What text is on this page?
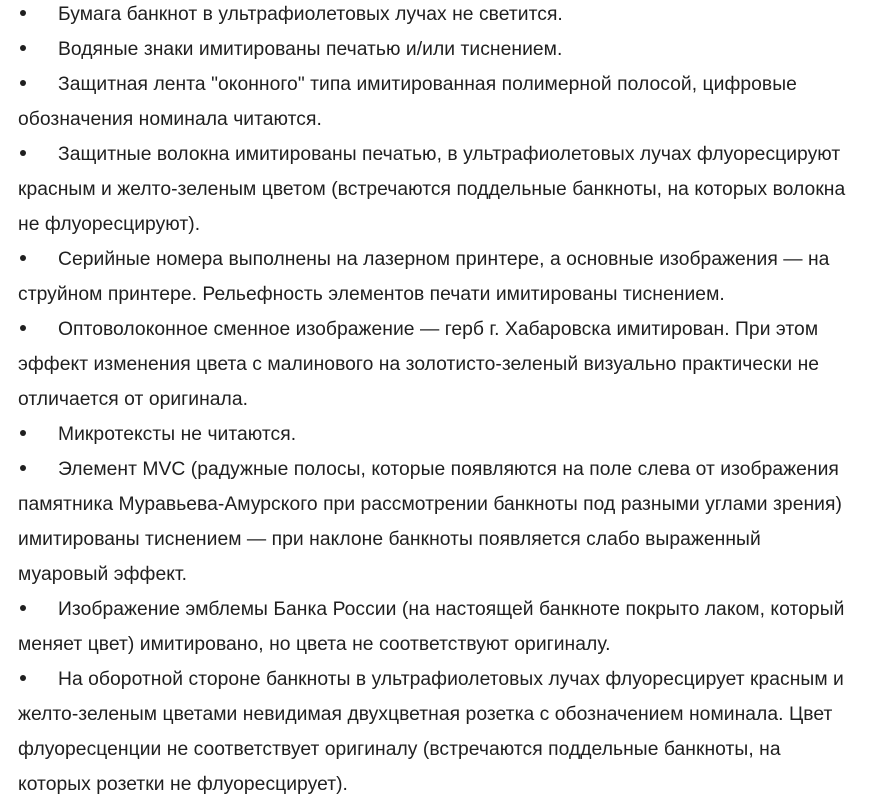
Бумага банкнот в ультрафиолетовых лучах не светится.

Водяные знаки имитированы печатью и/или тиснением.

Защитная лента "оконного" типа имитированная полимерной полосой, цифровые обозначения номинала читаются.

Защитные волокна имитированы печатью, в ультрафиолетовых лучах флуоресцируют красным и желто-зеленым цветом (встречаются поддельные банкноты, на которых волокна не флуоресцируют).

Серийные номера выполнены на лазерном принтере, а основные изображения — на струйном принтере. Рельефность элементов печати имитированы тиснением.

Оптоволоконное сменное изображение — герб г. Хабаровска имитирован. При этом эффект изменения цвета с малинового на золотисто-зеленый визуально практически не отличается от оригинала.

Микротексты не читаются.

Элемент MVC (радужные полосы, которые появляются на поле слева от изображения памятника Муравьева-Амурского при рассмотрении банкноты под разными углами зрения) имитированы тиснением — при наклоне банкноты появляется слабо выраженный муаровый эффект.

Изображение эмблемы Банка России (на настоящей банкноте покрыто лаком, который меняет цвет) имитировано, но цвета не соответствуют оригиналу.

На оборотной стороне банкноты в ультрафиолетовых лучах флуоресцирует красным и желто-зеленым цветами невидимая двухцветная розетка с обозначением номинала. Цвет флуоресценции не соответствует оригиналу (встречаются поддельные банкноты, на которых розетки не флуоресцирует).
